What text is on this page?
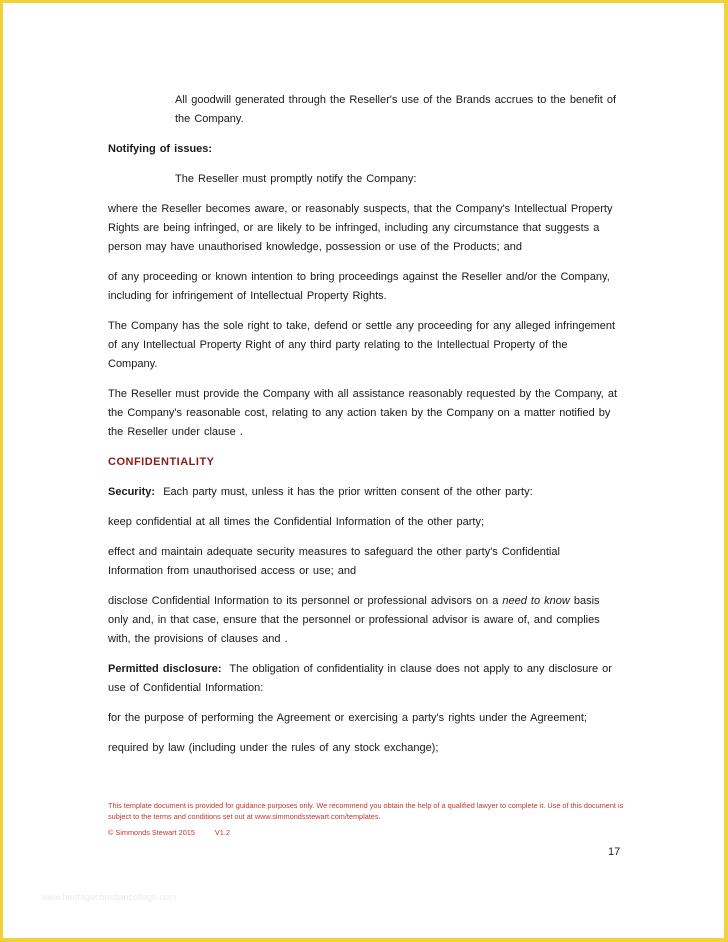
All goodwill generated through the Reseller's use of the Brands accrues to the benefit of the Company.

Notifying of issues:

The Reseller must promptly notify the Company:

where the Reseller becomes aware, or reasonably suspects, that the Company's Intellectual Property Rights are being infringed, or are likely to be infringed, including any circumstance that suggests a person may have unauthorised knowledge, possession or use of the Products; and

of any proceeding or known intention to bring proceedings against the Reseller and/or the Company, including for infringement of Intellectual Property Rights.

The Company has the sole right to take, defend or settle any proceeding for any alleged infringement of any Intellectual Property Right of any third party relating to the Intellectual Property of the Company.

The Reseller must provide the Company with all assistance reasonably requested by the Company, at the Company's reasonable cost, relating to any action taken by the Company on a matter notified by the Reseller under clause .

CONFIDENTIALITY

Security: Each party must, unless it has the prior written consent of the other party:

keep confidential at all times the Confidential Information of the other party;

effect and maintain adequate security measures to safeguard the other party's Confidential Information from unauthorised access or use; and

disclose Confidential Information to its personnel or professional advisors on a need to know basis only and, in that case, ensure that the personnel or professional advisor is aware of, and complies with, the provisions of clauses and .

Permitted disclosure: The obligation of confidentiality in clause does not apply to any disclosure or use of Confidential Information:

for the purpose of performing the Agreement or exercising a party's rights under the Agreement;

required by law (including under the rules of any stock exchange);

This template document is provided for guidance purposes only. We recommend you obtain the help of a qualified lawyer to complete it. Use of this document is subject to the terms and conditions set out at www.simmondsstewart.com/templates.
© Simmonds Stewart 2015	V1.2
17
www.heritagechristiancollege.com
